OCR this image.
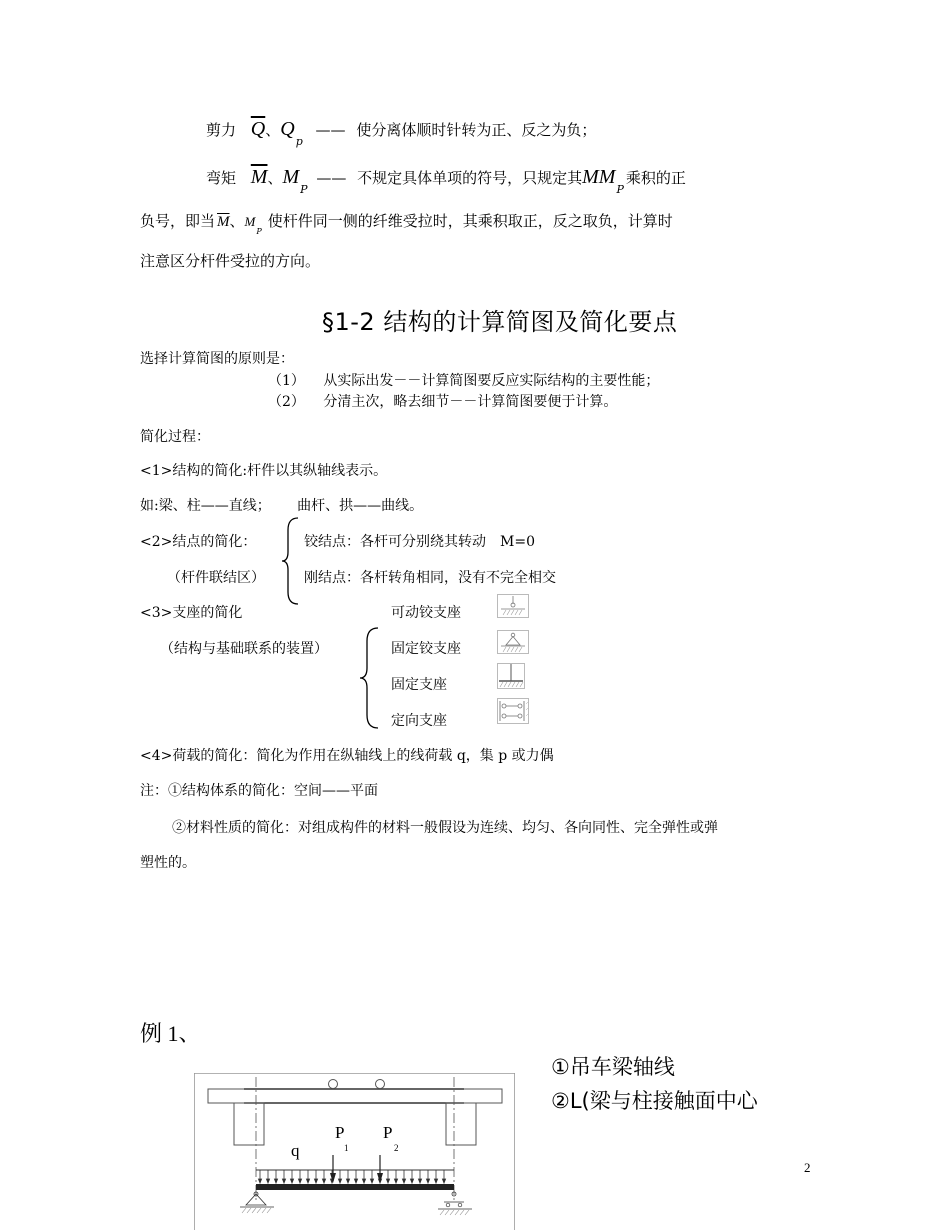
剪力 $\overline{Q}$、$Q_p$ —— 使分离体顺时针转为正、反之为负；
弯矩 $\overline{M}$、$M_P$ —— 不规定具体单项的符号，只规定其$MM_P$乘积的正
负号，即当 $\overline{M}$、$M_P$使杆件同一侧的纤维受拉时，其乘积取正，反之取负，计算时
注意区分杆件受拉的方向。
§1-2 结构的计算简图及简化要点
选择计算简图的原则是：
（1） 从实际出发－－计算简图要反应实际结构的主要性能；
（2） 分清主次，略去细节－－计算简图要便于计算。
简化过程：
<1>结构的简化:杆件以其纵轴线表示。
如:梁、柱——直线； 曲杆、拱——曲线。
<2>结点的简化：
（杆件联结区）
铰结点：各杆可分别绕其转动　M=0
刚结点：各杆转角相同，没有不完全相交
<3>支座的简化
（结构与基础联系的装置）
可动铰支座
固定铰支座
固定支座
定向支座
<4>荷载的简化：简化为作用在纵轴线上的线荷载 q，集 p 或力偶
注：①结构体系的简化：空间——平面
②材料性质的简化：对组成构件的材料一般假设为连续、均匀、各向同性、完全弹性或弹
塑性的。
例 1、
①吊车梁轴线
②L(梁与柱接触面中心
q
P
1
P
2
2
